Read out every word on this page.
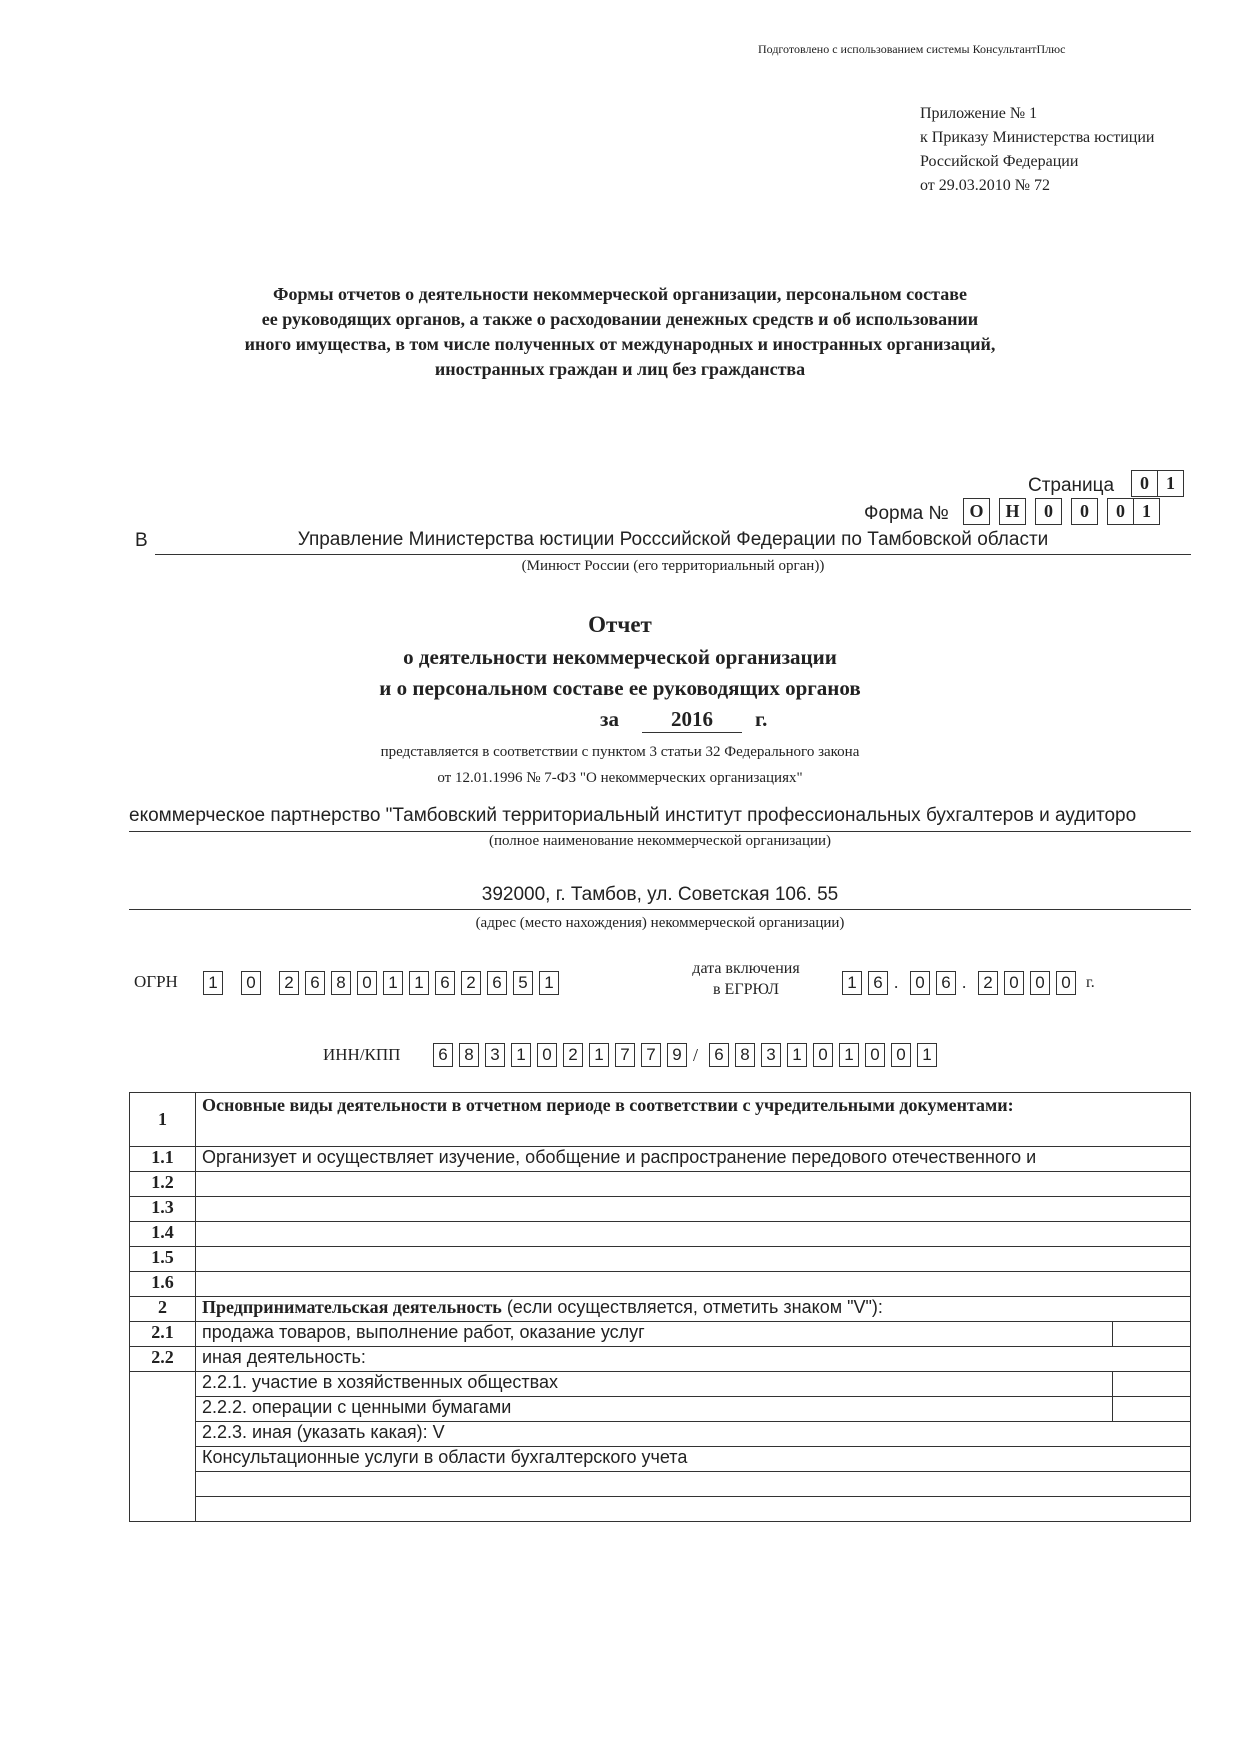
Подготовлено с использованием системы КонсультантПлюс
Приложение № 1
к Приказу Министерства юстиции
Российской Федерации
от 29.03.2010 № 72
Формы отчетов о деятельности некоммерческой организации, персональном составе
ее руководящих органов, а также о расходовании денежных средств и об использовании
иного имущества, в том числе полученных от международных и иностранных организаций,
иностранных граждан и лиц без гражданства
Страница	0 1
Форма №	О	Н	0	0	0 1
В	Управление Министерства юстиции Росссийской Федерации по Тамбовской области
(Минюст России (его территориальный орган))
Отчет
о деятельности некоммерческой организации
и о персональном составе ее руководящих органов
за	2016	г.
представляется в соответствии с пунктом 3 статьи 32 Федерального закона
от 12.01.1996 № 7-ФЗ "О некоммерческих организациях"
екоммерческое партнерство "Тамбовский территориальный институт профессиональных бухгалтеров и аудиторо
(полное наименование некоммерческой организации)
392000, г. Тамбов, ул. Советская 106. 55
(адрес (место нахождения) некоммерческой организации)
ОГРН	1 0 2 6 8 0 1 1 6 2 6 5 1
дата включения
в ЕГРЮЛ	1 6 . 0 6 . 2 0 0 0 г.
ИНН/КПП	6 8 3 1 0 2 1 7 7 9 / 6 8 3 1 0 1 0 0 1
1	Основные виды деятельности в отчетном периоде в соответствии с учредительными документами:	
1.1	Организует и осуществляет изучение, обобщение и распространение передового отечественного и	
1.2		
1.3		
1.4		
1.5		
1.6		
2	Предпринимательская деятельность (если осуществляется, отметить знаком "V"):	
2.1	продажа товаров, выполнение работ, оказание услуг	
2.2	иная деятельность:	
	2.2.1. участие в хозяйственных обществах	
	2.2.2. операции с ценными бумагами	
	2.2.3. иная (указать какая): V	
	Консультационные услуги в области бухгалтерского учета	
